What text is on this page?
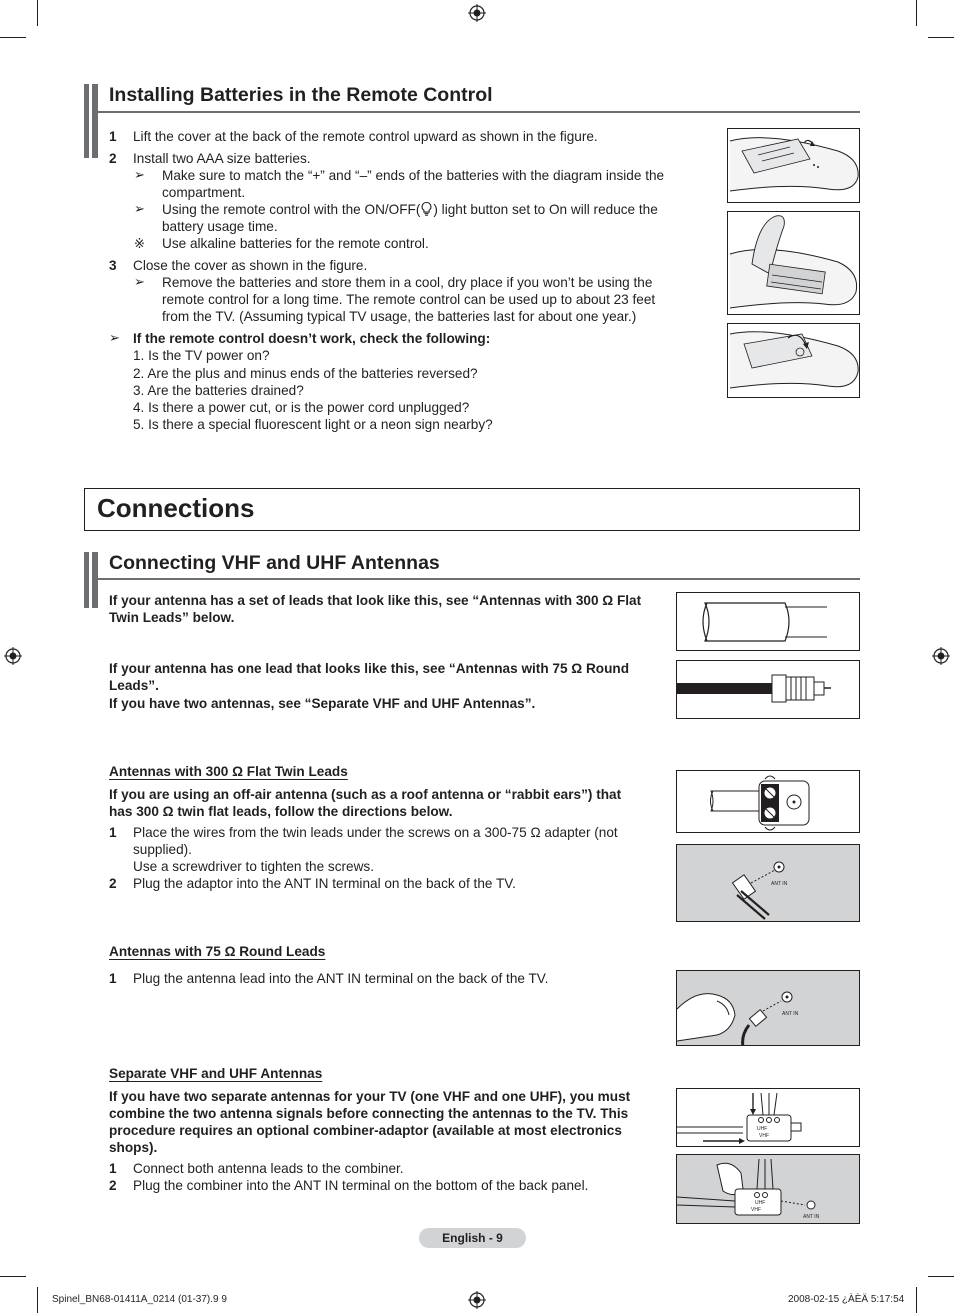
Installing Batteries in the Remote Control
1 Lift the cover at the back of the remote control upward as shown in the figure.
2 Install two AAA size batteries.
➢ Make sure to match the “+” and “–” ends of the batteries with the diagram inside the
compartment.
➢ Using the remote control with the ON/OFF( ) light button set to On will reduce the
battery usage time.
※ Use alkaline batteries for the remote control.
3 Close the cover as shown in the figure.
➢ Remove the batteries and store them in a cool, dry place if you won’t be using the
remote control for a long time. The remote control can be used up to about 23 feet
from the TV. (Assuming typical TV usage, the batteries last for about one year.)
➢ If the remote control doesn’t work, check the following:
1. Is the TV power on?
2. Are the plus and minus ends of the batteries reversed?
3. Are the batteries drained?
4. Is there a power cut, or is the power cord unplugged?
5. Is there a special fluorescent light or a neon sign nearby?
Connections
Connecting VHF and UHF Antennas
If your antenna has a set of leads that look like this, see “Antennas with 300 Ω Flat
Twin Leads” below.
If your antenna has one lead that looks like this, see “Antennas with 75 Ω Round
Leads”.
If you have two antennas, see “Separate VHF and UHF Antennas”.
Antennas with 300 Ω Flat Twin Leads
If you are using an off-air antenna (such as a roof antenna or “rabbit ears”) that
has 300 Ω twin flat leads, follow the directions below.
1 Place the wires from the twin leads under the screws on a 300-75 Ω adapter (not
supplied).
Use a screwdriver to tighten the screws.
2 Plug the adaptor into the ANT IN terminal on the back of the TV.	ANT IN
Antennas with 75 Ω Round Leads
1 Plug the antenna lead into the ANT IN terminal on the back of the TV.
ANT IN
Separate VHF and UHF Antennas
If you have two separate antennas for your TV (one VHF and one UHF), you must
combine the two antenna signals before connecting the antennas to the TV. This
procedure requires an optional combiner-adaptor (available at most electronics
shops).
1 Connect both antenna leads to the combiner.
2 Plug the combiner into the ANT IN terminal on the bottom of the back panel.
UHF
VHF
UHF
VHF
ANT IN
English - 9
Spinel_BN68-01411A_0214 (01-37).9 9	2008-02-15 ¿ÀÈÄ 5:17:54
